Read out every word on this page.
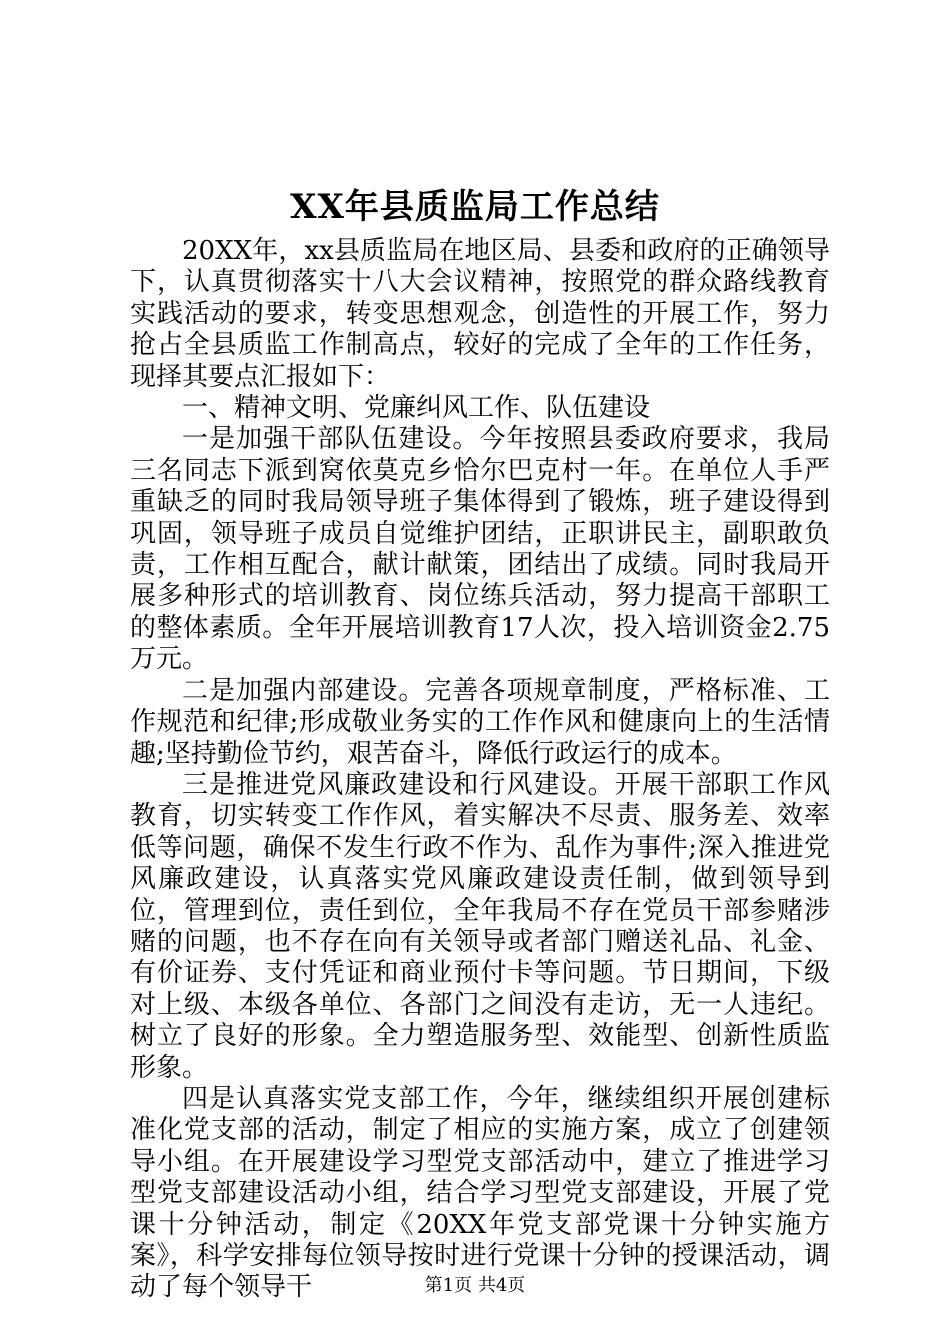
XX年县质监局工作总结

20XX年，xx县质监局在地区局、县委和政府的正确领导下，认真贯彻落实十八大会议精神，按照党的群众路线教育实践活动的要求，转变思想观念，创造性的开展工作，努力抢占全县质监工作制高点，较好的完成了全年的工作任务，现择其要点汇报如下：

一、精神文明、党廉纠风工作、队伍建设

一是加强干部队伍建设。今年按照县委政府要求，我局三名同志下派到窝依莫克乡恰尔巴克村一年。在单位人手严重缺乏的同时我局领导班子集体得到了锻炼，班子建设得到巩固，领导班子成员自觉维护团结，正职讲民主，副职敢负责，工作相互配合，献计献策，团结出了成绩。同时我局开展多种形式的培训教育、岗位练兵活动，努力提高干部职工的整体素质。全年开展培训教育17人次，投入培训资金2.75万元。

二是加强内部建设。完善各项规章制度，严格标准、工作规范和纪律;形成敬业务实的工作作风和健康向上的生活情趣;坚持勤俭节约，艰苦奋斗，降低行政运行的成本。

三是推进党风廉政建设和行风建设。开展干部职工作风教育，切实转变工作作风，着实解决不尽责、服务差、效率低等问题，确保不发生行政不作为、乱作为事件;深入推进党风廉政建设，认真落实党风廉政建设责任制，做到领导到位，管理到位，责任到位，全年我局不存在党员干部参赌涉赌的问题，也不存在向有关领导或者部门赠送礼品、礼金、有价证券、支付凭证和商业预付卡等问题。节日期间，下级对上级、本级各单位、各部门之间没有走访，无一人违纪。树立了良好的形象。全力塑造服务型、效能型、创新性质监形象。

四是认真落实党支部工作，今年，继续组织开展创建标准化党支部的活动，制定了相应的实施方案，成立了创建领导小组。在开展建设学习型党支部活动中，建立了推进学习型党支部建设活动小组，结合学习型党支部建设，开展了党课十分钟活动，制定《20XX年党支部党课十分钟实施方案》，科学安排每位领导按时进行党课十分钟的授课活动，调动了每个领导干	第1页 共4页
